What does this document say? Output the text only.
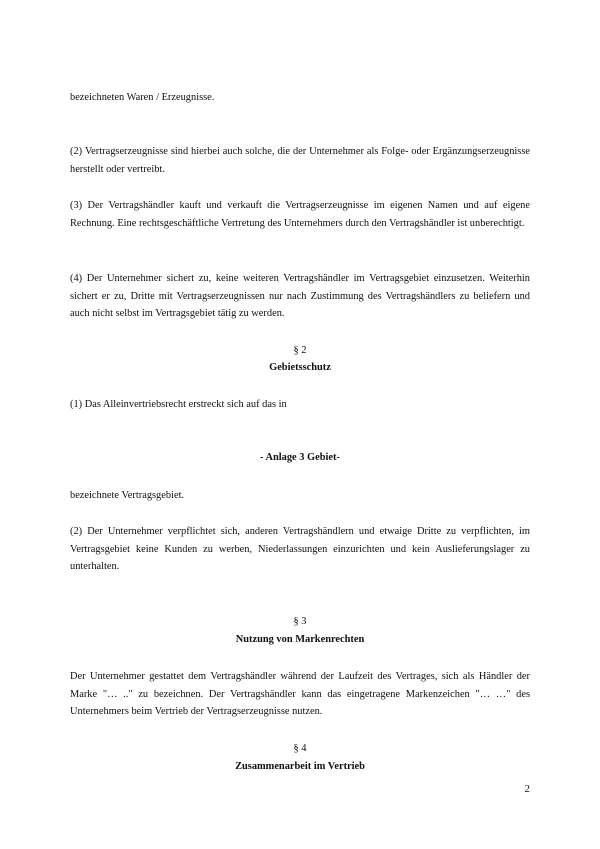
bezeichneten Waren / Erzeugnisse.

(2) Vertragserzeugnisse sind hierbei auch solche, die der Unternehmer als Folge- oder Ergänzungserzeugnisse herstellt oder vertreibt.

(3) Der Vertragshändler kauft und verkauft die Vertragserzeugnisse im eigenen Namen und auf eigene Rechnung. Eine rechtsgeschäftliche Vertretung des Unternehmers durch den Vertragshändler ist unberechtigt.

(4) Der Unternehmer sichert zu, keine weiteren Vertragshändler im Vertragsgebiet einzusetzen. Weiterhin sichert er zu, Dritte mit Vertragserzeugnissen nur nach Zustimmung des Vertragshändlers zu beliefern und auch nicht selbst im Vertragsgebiet tätig zu werden.

§ 2

Gebietsschutz

(1) Das Alleinvertriebsrecht erstreckt sich auf das in

- Anlage 3 Gebiet-

bezeichnete Vertragsgebiet.

(2) Der Unternehmer verpflichtet sich, anderen Vertragshändlern und etwaige Dritte zu verpflichten, im Vertragsgebiet keine Kunden zu werben, Niederlassungen einzurichten und kein Auslieferungslager zu unterhalten.

§ 3

Nutzung von Markenrechten

Der Unternehmer gestattet dem Vertragshändler während der Laufzeit des Vertrages, sich als Händler der Marke "… .." zu bezeichnen. Der Vertragshändler kann das eingetragene Markenzeichen "… …" des Unternehmers beim Vertrieb der Vertragserzeugnisse nutzen.

§ 4

Zusammenarbeit im Vertrieb

2
